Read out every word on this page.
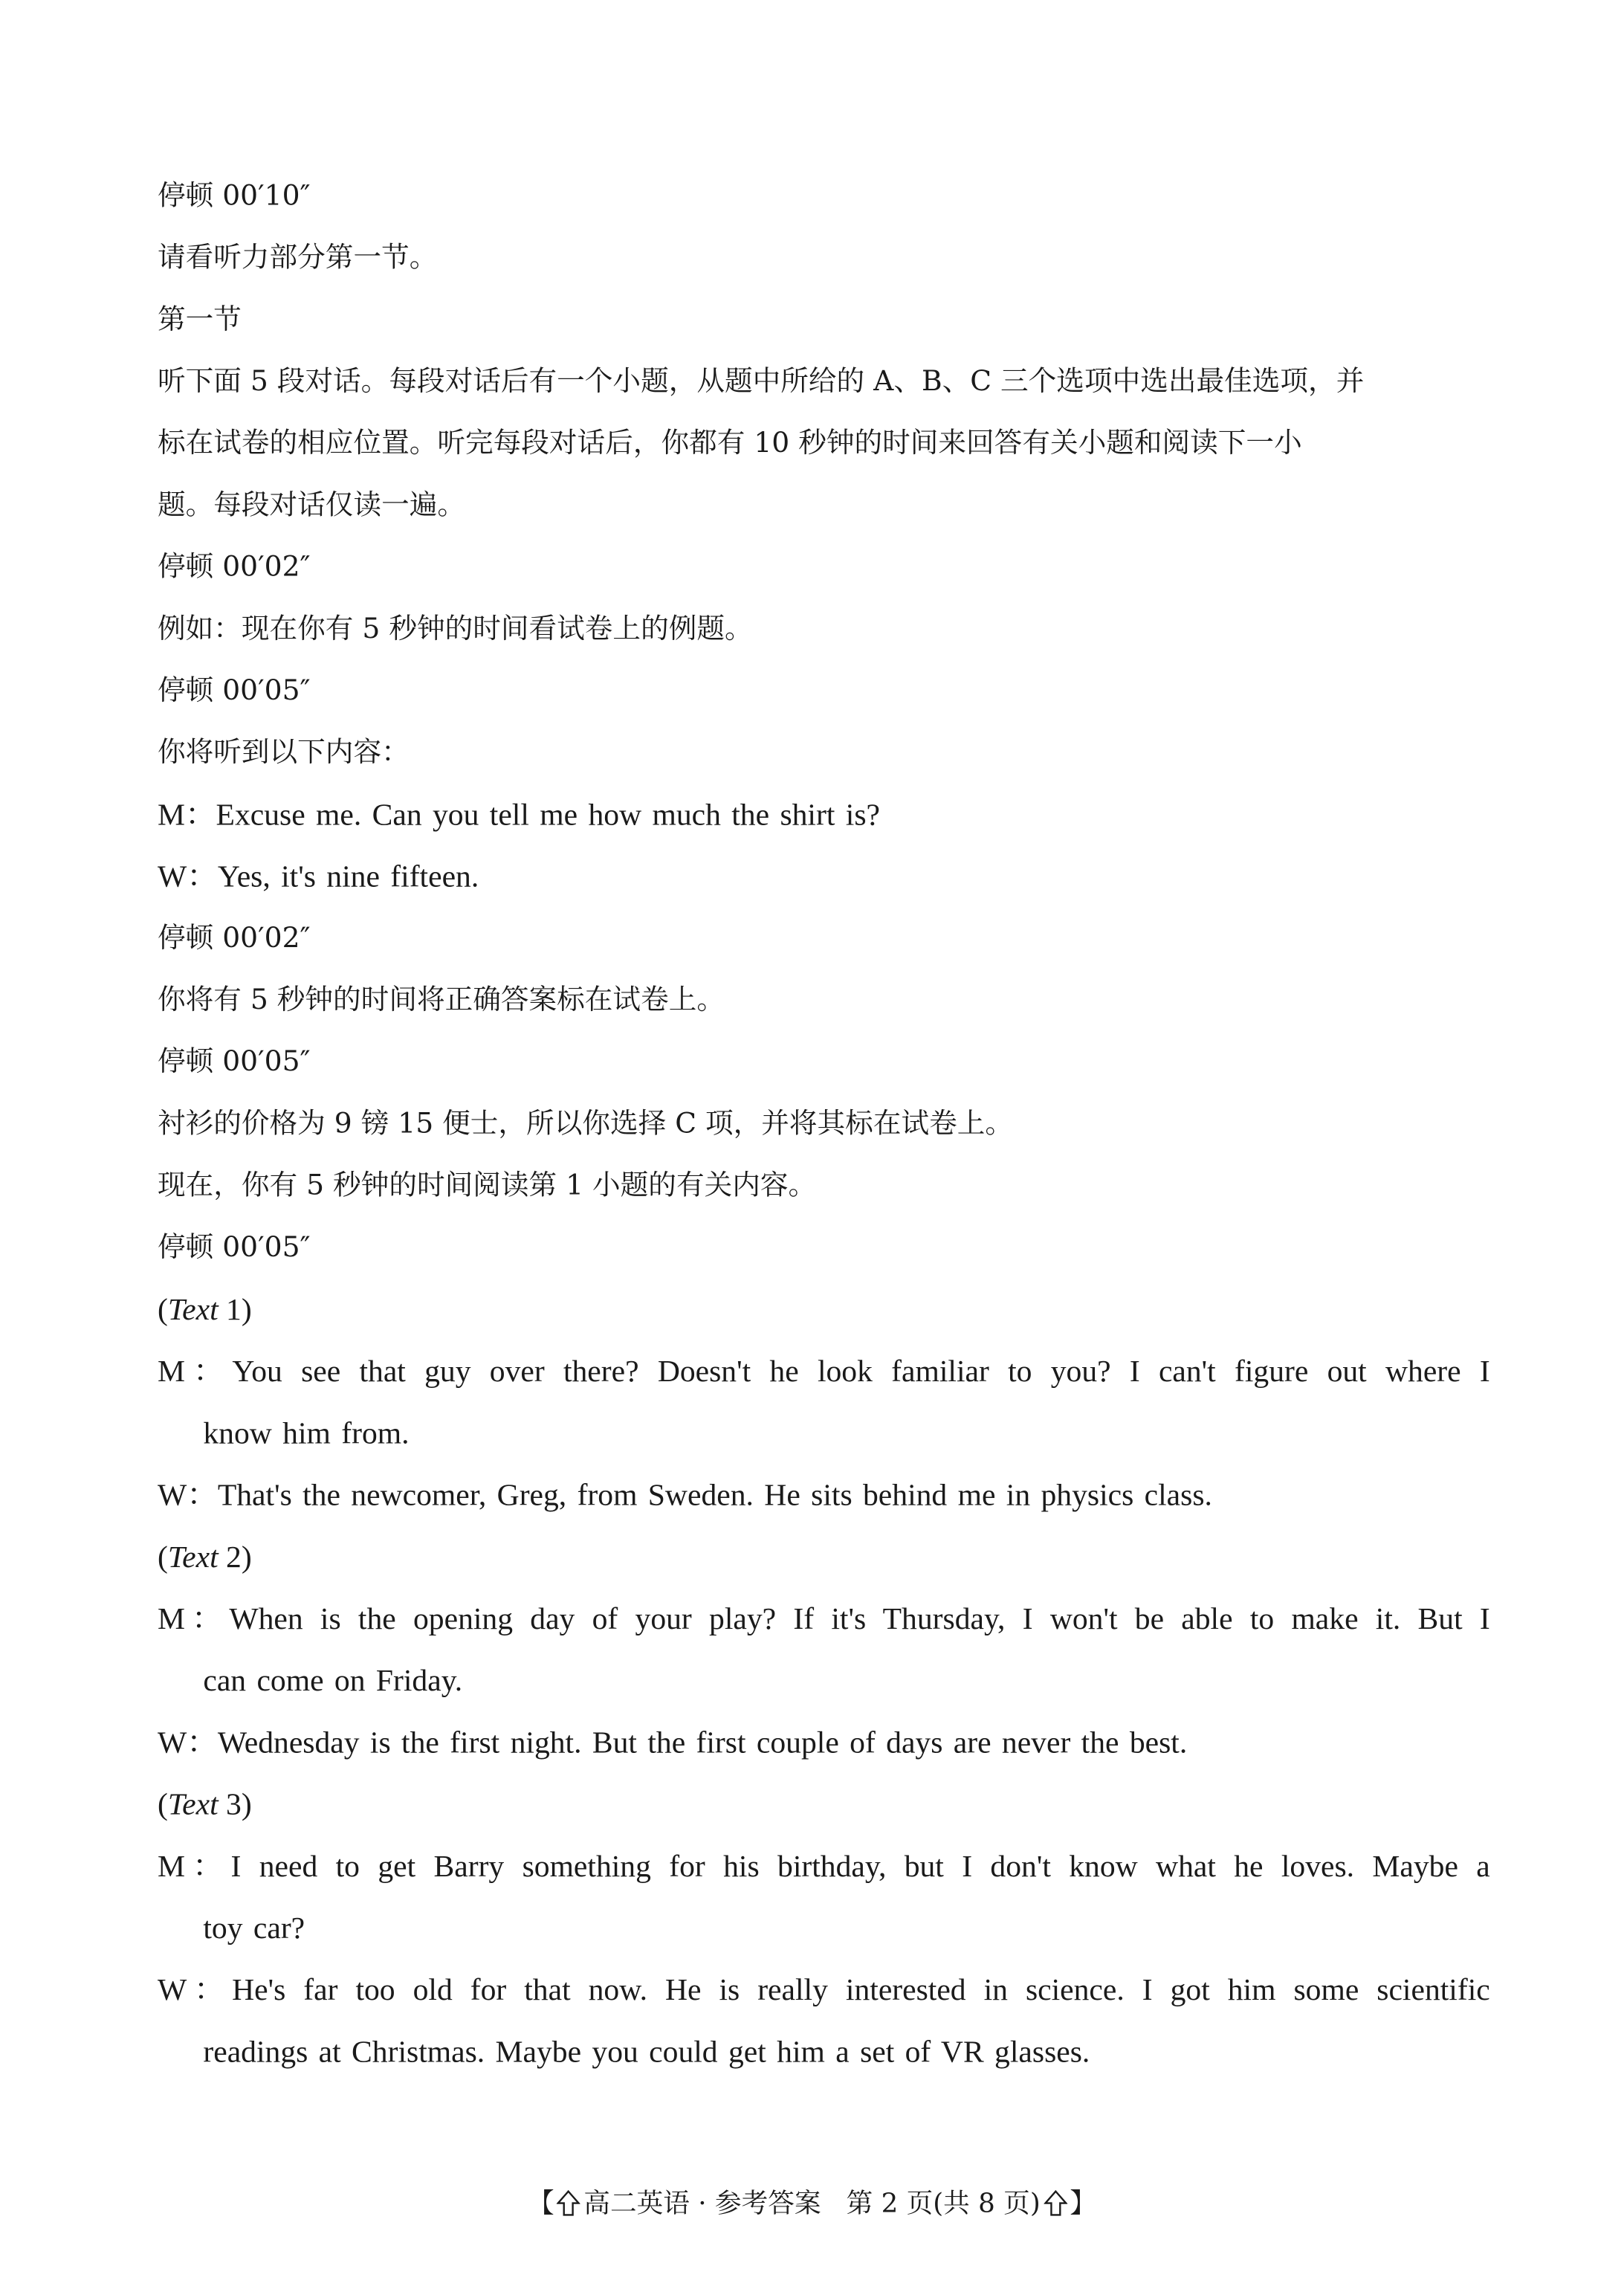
停顿 00′10″
请看听力部分第一节。
第一节
听下面 5 段对话。每段对话后有一个小题，从题中所给的 A、B、C 三个选项中选出最佳选项，并
标在试卷的相应位置。听完每段对话后，你都有 10 秒钟的时间来回答有关小题和阅读下一小
题。每段对话仅读一遍。
停顿 00′02″
例如：现在你有 5 秒钟的时间看试卷上的例题。
停顿 00′05″
你将听到以下内容：
M：Excuse me. Can you tell me how much the shirt is?
W：Yes, it's nine fifteen.
停顿 00′02″
你将有 5 秒钟的时间将正确答案标在试卷上。
停顿 00′05″
衬衫的价格为 9 镑 15 便士，所以你选择 C 项，并将其标在试卷上。
现在，你有 5 秒钟的时间阅读第 1 小题的有关内容。
停顿 00′05″
(Text 1)
M：You see that guy over there? Doesn't he look familiar to you? I can't figure out where I
know him from.
W：That's the newcomer, Greg, from Sweden. He sits behind me in physics class.
(Text 2)
M：When is the opening day of your play? If it's Thursday, I won't be able to make it. But I
can come on Friday.
W：Wednesday is the first night. But the first couple of days are never the best.
(Text 3)
M：I need to get Barry something for his birthday, but I don't know what he loves. Maybe a
toy car?
W：He's far too old for that now. He is really interested in science. I got him some scientific
readings at Christmas. Maybe you could get him a set of VR glasses.
【 高二英语 · 参考答案 第 2 页(共 8 页) 】
